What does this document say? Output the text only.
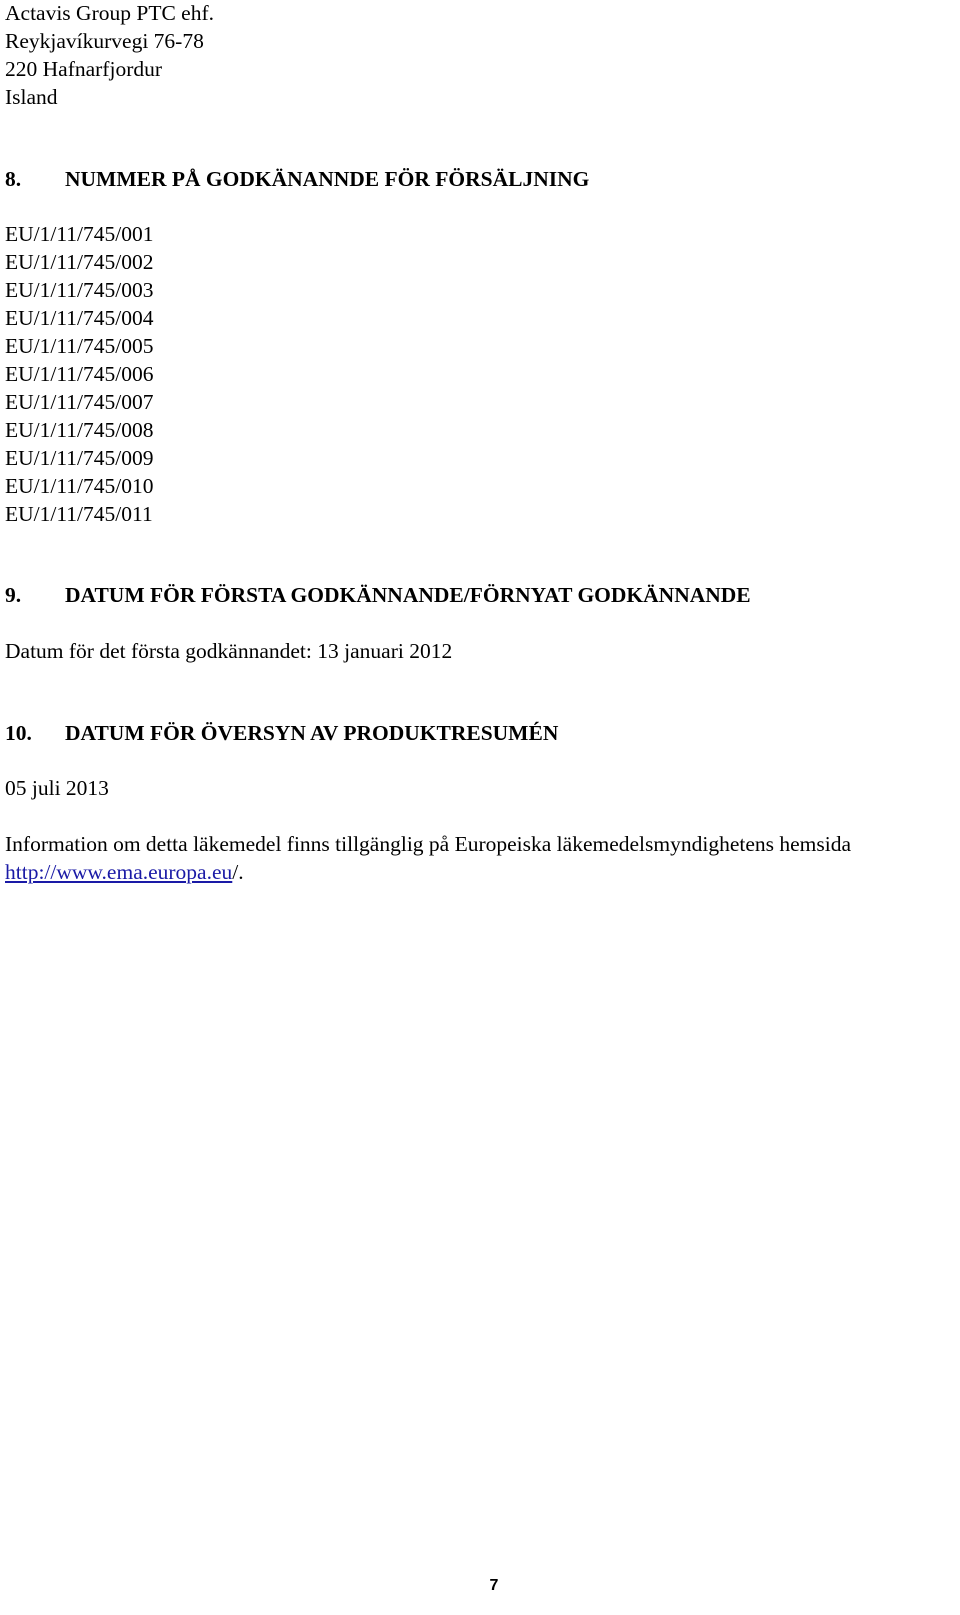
Actavis Group PTC ehf.
Reykjavíkurvegi 76-78
220 Hafnarfjordur
Island
8. NUMMER PÅ GODKÄNANNDE FÖR FÖRSÄLJNING
EU/1/11/745/001
EU/1/11/745/002
EU/1/11/745/003
EU/1/11/745/004
EU/1/11/745/005
EU/1/11/745/006
EU/1/11/745/007
EU/1/11/745/008
EU/1/11/745/009
EU/1/11/745/010
EU/1/11/745/011
9. DATUM FÖR FÖRSTA GODKÄNNANDE/FÖRNYAT GODKÄNNANDE
Datum för det första godkännandet: 13 januari 2012
10. DATUM FÖR ÖVERSYN AV PRODUKTRESUMÉN
05 juli 2013
Information om detta läkemedel finns tillgänglig på Europeiska läkemedelsmyndighetens hemsida
http://www.ema.europa.eu/.
7
